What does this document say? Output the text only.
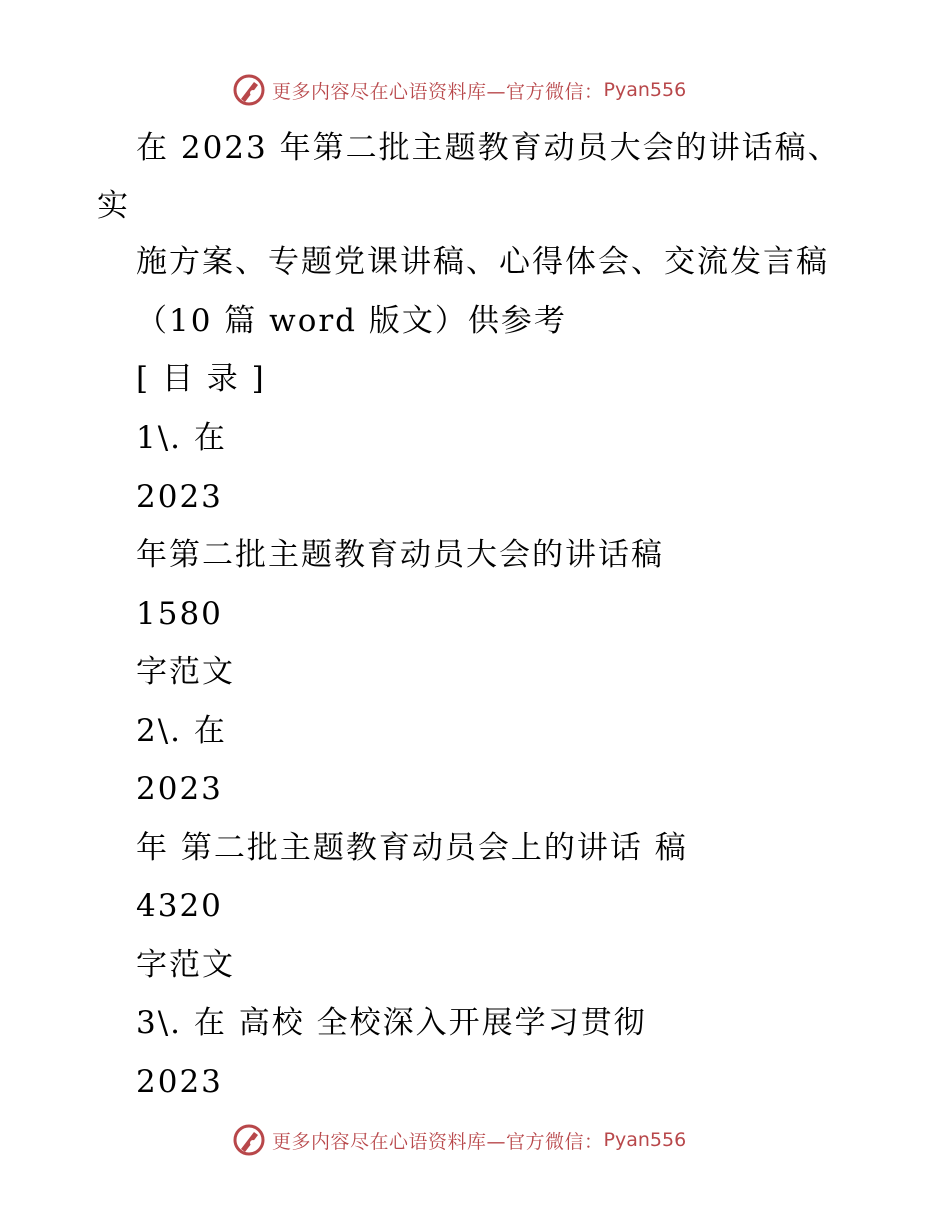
更多内容尽在心语资料库—官方微信： Pyan556
在 2023 年第二批主题教育动员大会的讲话稿、
实
施方案、专题党课讲稿、心得体会、交流发言稿
（10 篇 word 版文）供参考
[ 目 录 ]
1\. 在
2023
年第二批主题教育动员大会的讲话稿
1580
字范文
2\. 在
2023
年 第二批主题教育动员会上的讲话 稿
4320
字范文
3\. 在 高校 全校深入开展学习贯彻
2023
更多内容尽在心语资料库—官方微信： Pyan556
